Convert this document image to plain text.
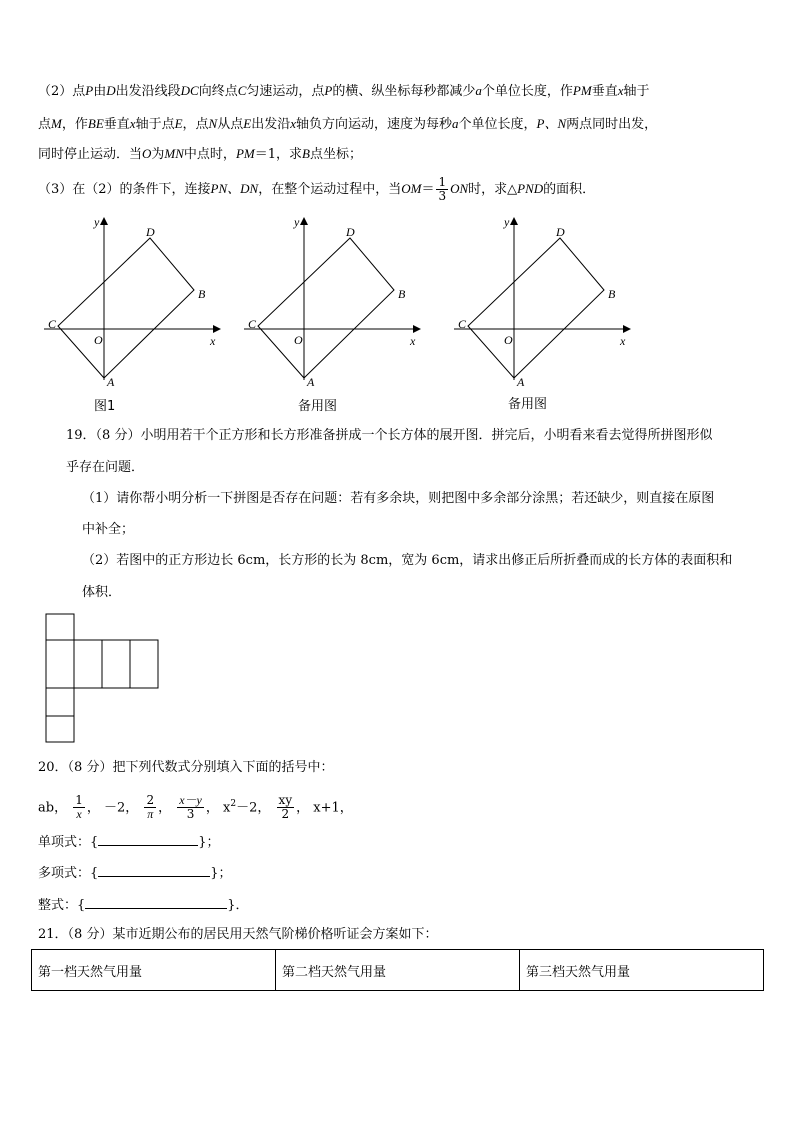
（2）点P由D出发沿线段DC向终点C匀速运动，点P的横、纵坐标每秒都减少a个单位长度，作PM垂直x轴于
点M，作BE垂直x轴于点E，点N从点E出发沿x轴负方向运动，速度为每秒a个单位长度，P、N两点同时出发，
同时停止运动．当O为MN中点时，PM＝1，求B点坐标；
（3）在（2）的条件下，连接PN、DN，在整个运动过程中，当$OM= \frac{1}{3}$ ON时，求△PND的面积．
y
x
O
A
B
C
D
图1
y
x
O
A
B
C
D
备用图
y
x
O
A
B
C
D
备用图
19．（8 分）小明用若干个正方形和长方形准备拼成一个长方体的展开图．拼完后，小明看来看去觉得所拼图形似
乎存在问题．
（1）请你帮小明分析一下拼图是否存在问题：若有多余块，则把图中多余部分涂黑；若还缺少，则直接在原图
中补全；
（2）若图中的正方形边长 6cm，长方形的长为 8cm，宽为 6cm，请求出修正后所折叠而成的长方体的表面积和
体积．
20．（8 分）把下列代数式分别填入下面的括号中：
ab， $\frac{1}{x}$ ， －2， $\frac{2}{\pi}$ ， $\frac{x-y}{3}$ ， $x^2-2$， $\frac{xy}{2}$ ， x+1，
单项式：{	}；
多项式：{	}；
整式：{	}．
21．（8 分）某市近期公布的居民用天然气阶梯价格听证会方案如下：
第一档天然气用量	第二档天然气用量	第三档天然气用量
